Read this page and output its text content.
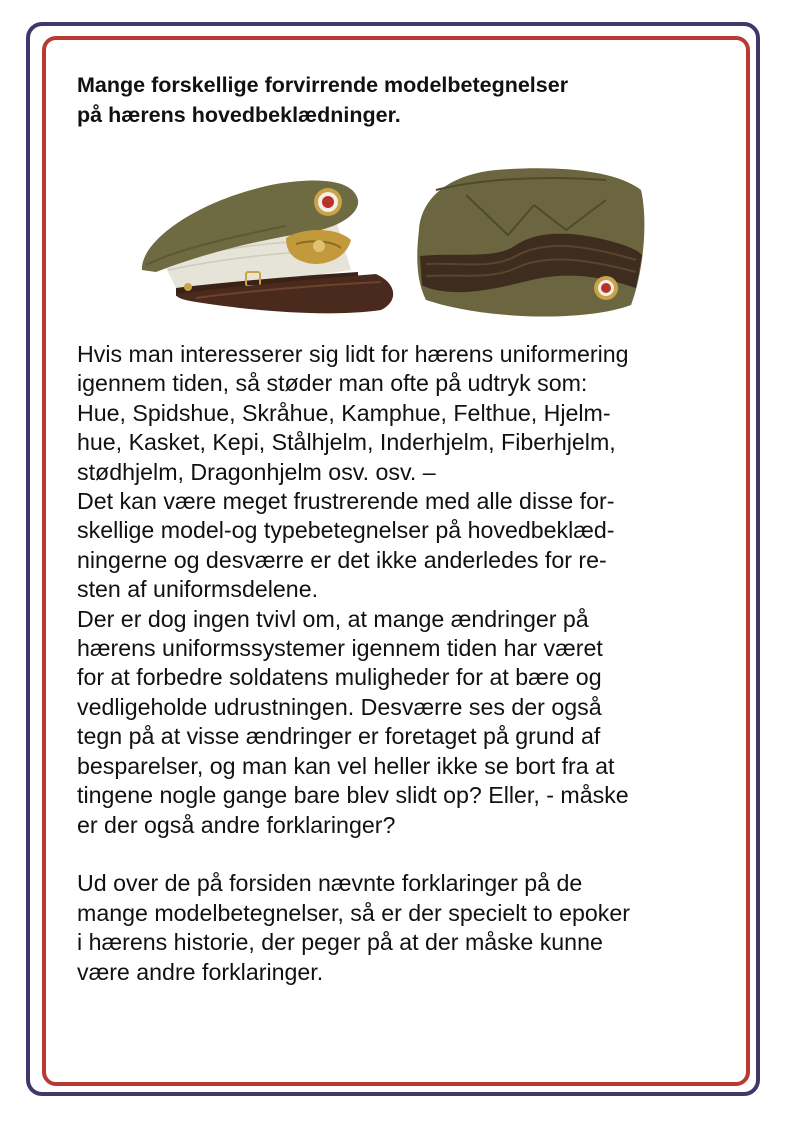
Mange forskellige forvirrende modelbetegnelser
på hærens hovedbeklædninger.
Hvis man interesserer sig lidt for hærens uniformering
igennem tiden, så støder man ofte på udtryk som:
Hue, Spidshue, Skråhue, Kamphue, Felthue, Hjelm-
hue, Kasket, Kepi, Stålhjelm, Inderhjelm, Fiberhjelm,
stødhjelm, Dragonhjelm osv. osv. –
Det kan være meget frustrerende med alle disse for-
skellige model-og typebetegnelser på hovedbeklæd-
ningerne og desværre er det ikke anderledes for re-
sten af uniformsdelene.
Der er dog ingen tvivl om, at mange ændringer på
hærens uniformssystemer igennem tiden har været
for at forbedre soldatens muligheder for at bære og
vedligeholde udrustningen. Desværre ses der også
tegn på at visse ændringer er foretaget på grund af
besparelser, og man kan vel heller ikke se bort fra at
tingene nogle gange bare blev slidt op? Eller, - måske
er der også andre forklaringer?
Ud over de på forsiden nævnte forklaringer på de
mange modelbetegnelser, så er der specielt to epoker
i hærens historie, der peger på at der måske kunne
være andre forklaringer.
